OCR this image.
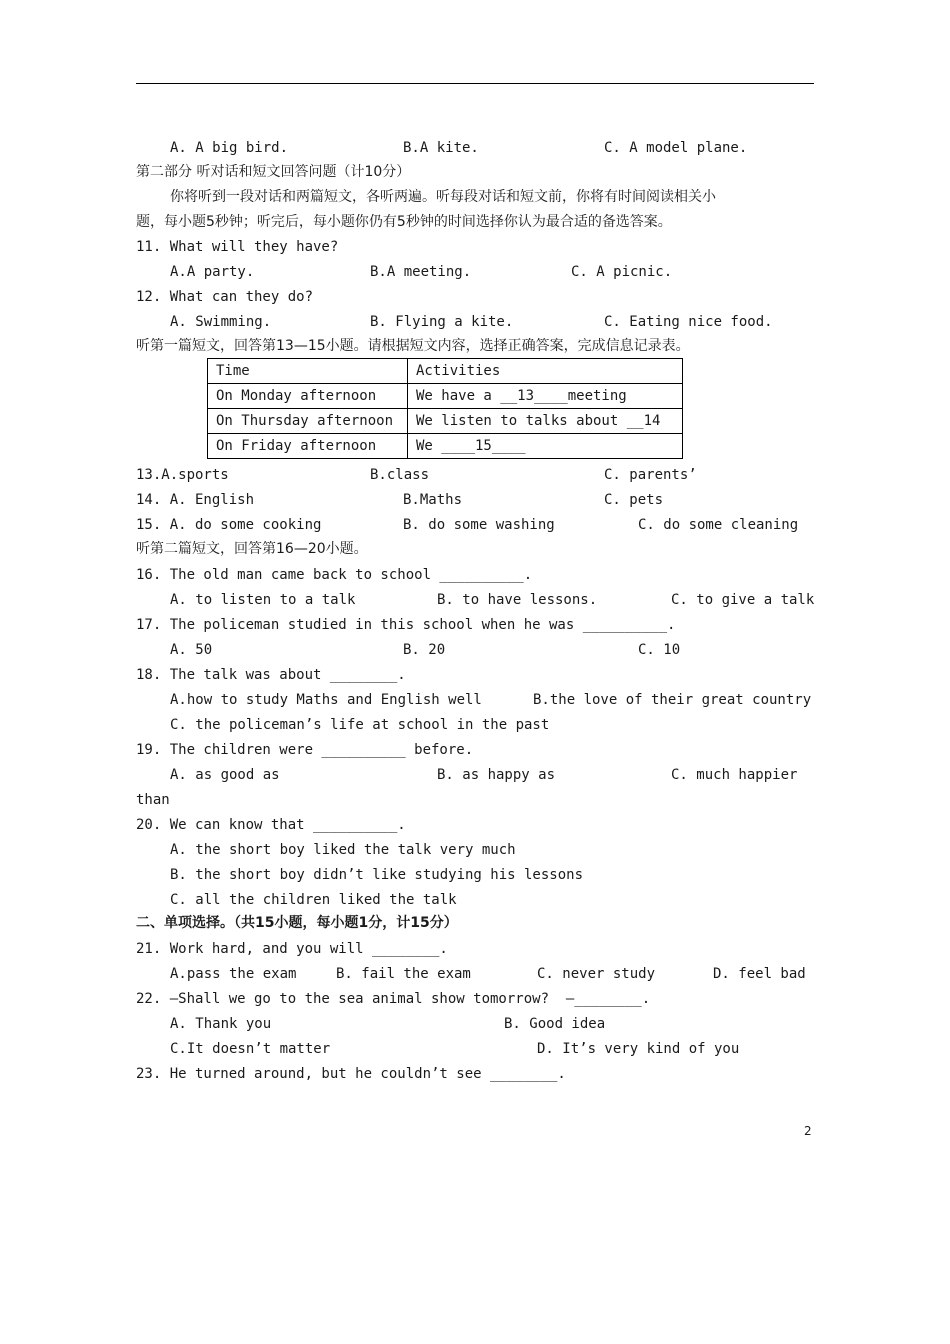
A. A big bird.	B.A kite.	C. A model plane.
第二部分 听对话和短文回答问题（计10分）
你将听到一段对话和两篇短文，各听两遍。听每段对话和短文前，你将有时间阅读相关小
题，每小题5秒钟；听完后，每小题你仍有5秒钟的时间选择你认为最合适的备选答案。
11. What will they have?
A.A party.	B.A meeting.	C. A picnic.
12. What can they do?
A. Swimming.	B. Flying a kite.	C. Eating nice food.
听第一篇短文，回答第13—15小题。请根据短文内容，选择正确答案，完成信息记录表。
Time	Activities
On Monday afternoon	We have a __13____meeting
On Thursday afternoon	We listen to talks about __14
On Friday afternoon	We ____15____
13.A.sports	B.class	C. parents’
14. A. English	B.Maths	C. pets
15. A. do some cooking	B. do some washing	C. do some cleaning
听第二篇短文，回答第16—20小题。
16. The old man came back to school __________.
A. to listen to a talk	B. to have lessons.	C. to give a talk
17. The policeman studied in this school when he was __________.
A. 50	B. 20	C. 10
18. The talk was about ________.
A.how to study Maths and English well	B.the love of their great country
C. the policeman’s life at school in the past
19. The children were __________ before.
A. as good as	B. as happy as	C. much happier
than
20. We can know that __________.
A. the short boy liked the talk very much
B. the short boy didn’t like studying his lessons
C. all the children liked the talk
二、单项选择。（共15小题，每小题1分，计15分）
21. Work hard, and you will ________.
A.pass the exam	B. fail the exam	C. never study	D. feel bad
22. —Shall we go to the sea animal show tomorrow?  —________.
A. Thank you	B. Good idea
C.It doesn’t matter	D. It’s very kind of you
23. He turned around, but he couldn’t see ________.
2
